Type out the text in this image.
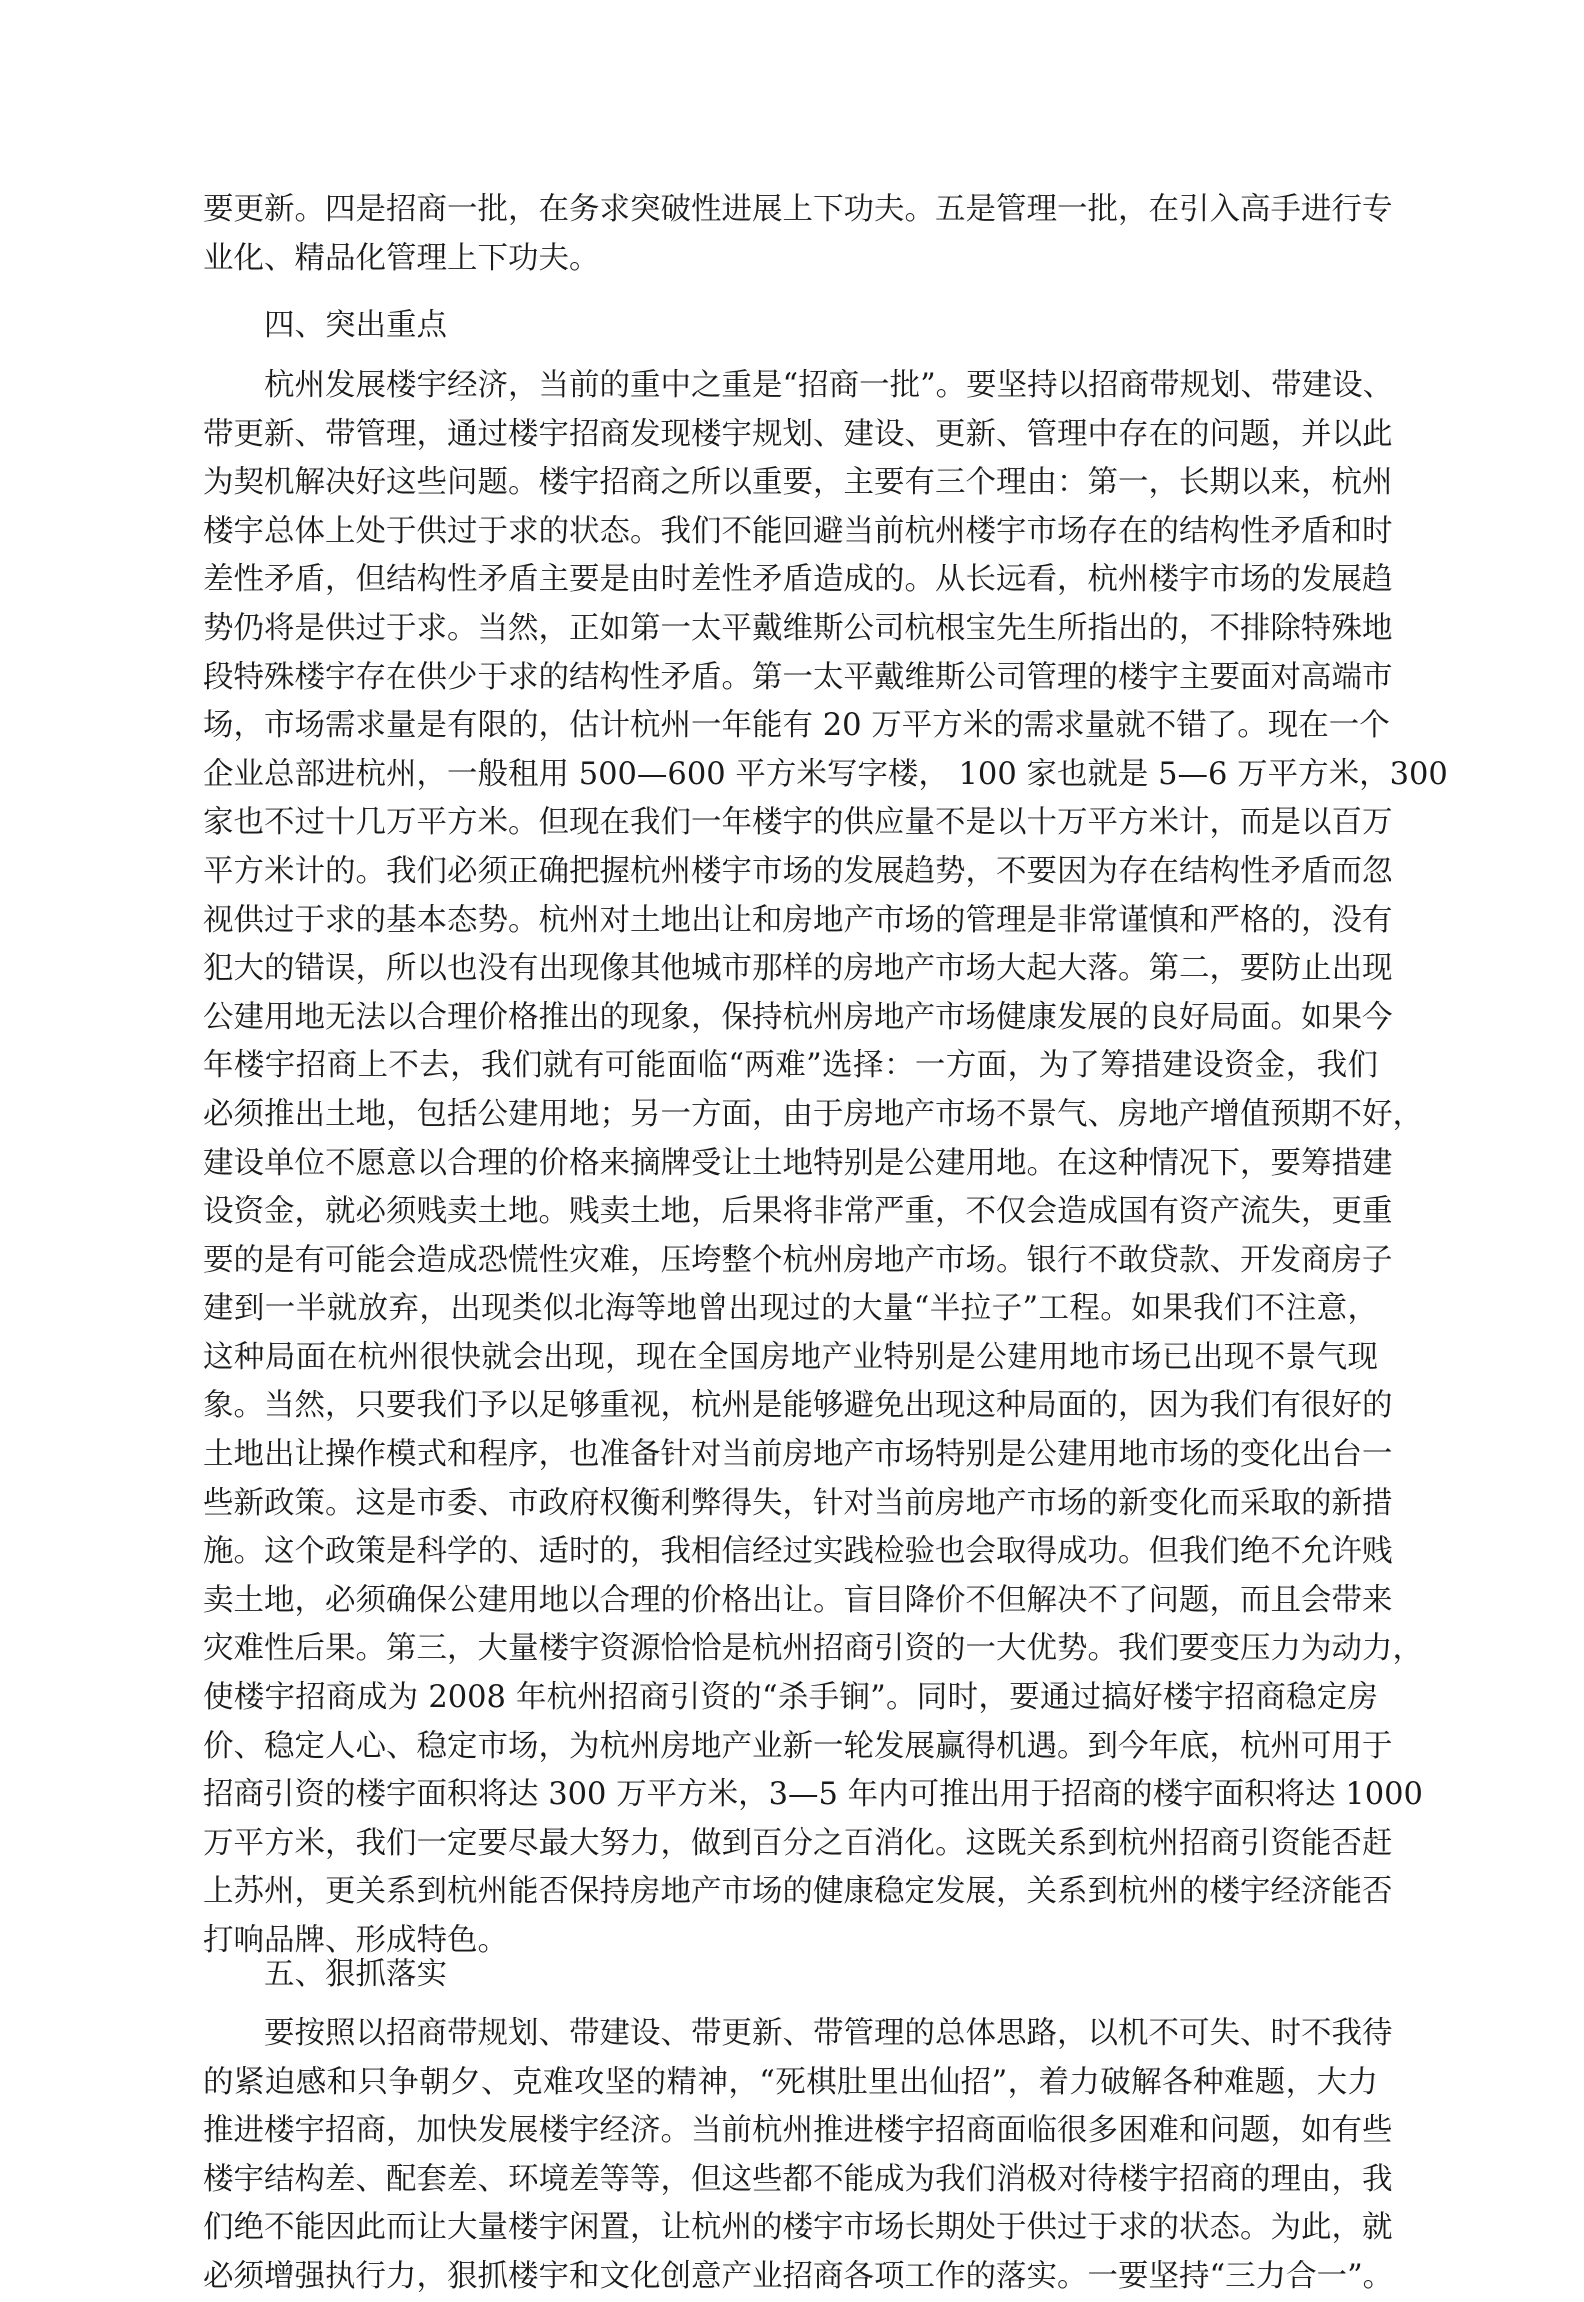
要更新。四是招商一批，在务求突破性进展上下功夫。五是管理一批，在引入高手进行专
业化、精品化管理上下功夫。
四、突出重点
杭州发展楼宇经济，当前的重中之重是“招商一批”。要坚持以招商带规划、带建设、
带更新、带管理，通过楼宇招商发现楼宇规划、建设、更新、管理中存在的问题，并以此
为契机解决好这些问题。楼宇招商之所以重要，主要有三个理由：第一，长期以来，杭州
楼宇总体上处于供过于求的状态。我们不能回避当前杭州楼宇市场存在的结构性矛盾和时
差性矛盾，但结构性矛盾主要是由时差性矛盾造成的。从长远看，杭州楼宇市场的发展趋
势仍将是供过于求。当然，正如第一太平戴维斯公司杭根宝先生所指出的，不排除特殊地
段特殊楼宇存在供少于求的结构性矛盾。第一太平戴维斯公司管理的楼宇主要面对高端市
场，市场需求量是有限的，估计杭州一年能有 20 万平方米的需求量就不错了。现在一个
企业总部进杭州，一般租用 500—600 平方米写字楼， 100 家也就是 5—6 万平方米，300
家也不过十几万平方米。但现在我们一年楼宇的供应量不是以十万平方米计，而是以百万
平方米计的。我们必须正确把握杭州楼宇市场的发展趋势，不要因为存在结构性矛盾而忽
视供过于求的基本态势。杭州对土地出让和房地产市场的管理是非常谨慎和严格的，没有
犯大的错误，所以也没有出现像其他城市那样的房地产市场大起大落。第二，要防止出现
公建用地无法以合理价格推出的现象，保持杭州房地产市场健康发展的良好局面。如果今
年楼宇招商上不去，我们就有可能面临“两难”选择：一方面，为了筹措建设资金，我们
必须推出土地，包括公建用地；另一方面，由于房地产市场不景气、房地产增值预期不好，
建设单位不愿意以合理的价格来摘牌受让土地特别是公建用地。在这种情况下，要筹措建
设资金，就必须贱卖土地。贱卖土地，后果将非常严重，不仅会造成国有资产流失，更重
要的是有可能会造成恐慌性灾难，压垮整个杭州房地产市场。银行不敢贷款、开发商房子
建到一半就放弃，出现类似北海等地曾出现过的大量“半拉子”工程。如果我们不注意，
这种局面在杭州很快就会出现，现在全国房地产业特别是公建用地市场已出现不景气现
象。当然，只要我们予以足够重视，杭州是能够避免出现这种局面的，因为我们有很好的
土地出让操作模式和程序，也准备针对当前房地产市场特别是公建用地市场的变化出台一
些新政策。这是市委、市政府权衡利弊得失，针对当前房地产市场的新变化而采取的新措
施。这个政策是科学的、适时的，我相信经过实践检验也会取得成功。但我们绝不允许贱
卖土地，必须确保公建用地以合理的价格出让。盲目降价不但解决不了问题，而且会带来
灾难性后果。第三，大量楼宇资源恰恰是杭州招商引资的一大优势。我们要变压力为动力，
使楼宇招商成为 2008 年杭州招商引资的“杀手锏”。同时，要通过搞好楼宇招商稳定房
价、稳定人心、稳定市场，为杭州房地产业新一轮发展赢得机遇。到今年底，杭州可用于
招商引资的楼宇面积将达 300 万平方米，3—5 年内可推出用于招商的楼宇面积将达 1000
万平方米，我们一定要尽最大努力，做到百分之百消化。这既关系到杭州招商引资能否赶
上苏州，更关系到杭州能否保持房地产市场的健康稳定发展，关系到杭州的楼宇经济能否
打响品牌、形成特色。
五、狠抓落实
要按照以招商带规划、带建设、带更新、带管理的总体思路，以机不可失、时不我待
的紧迫感和只争朝夕、克难攻坚的精神，“死棋肚里出仙招”，着力破解各种难题，大力
推进楼宇招商，加快发展楼宇经济。当前杭州推进楼宇招商面临很多困难和问题，如有些
楼宇结构差、配套差、环境差等等，但这些都不能成为我们消极对待楼宇招商的理由，我
们绝不能因此而让大量楼宇闲置，让杭州的楼宇市场长期处于供过于求的状态。为此，就
必须增强执行力，狠抓楼宇和文化创意产业招商各项工作的落实。一要坚持“三力合一”。
